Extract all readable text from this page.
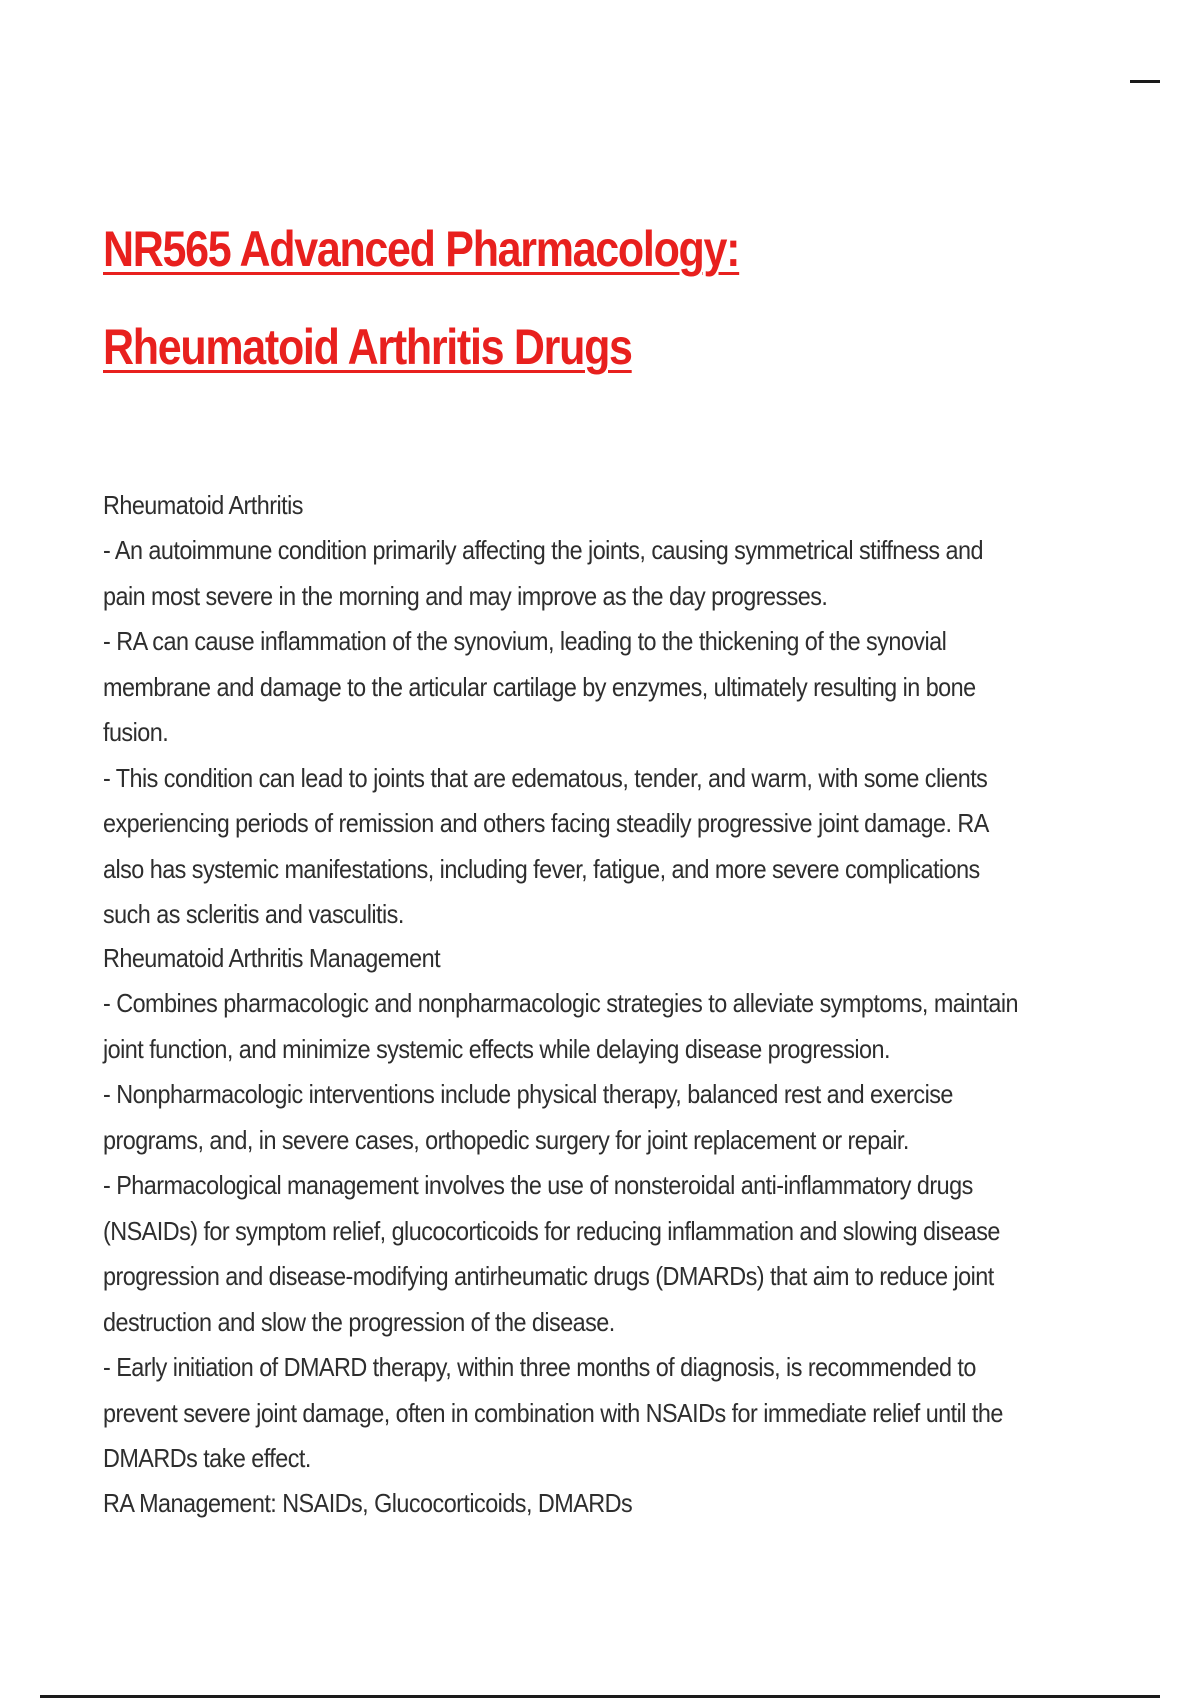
NR565 Advanced Pharmacology: Rheumatoid Arthritis Drugs

Rheumatoid Arthritis

- An autoimmune condition primarily affecting the joints, causing symmetrical stiffness and pain most severe in the morning and may improve as the day progresses.

- RA can cause inflammation of the synovium, leading to the thickening of the synovial membrane and damage to the articular cartilage by enzymes, ultimately resulting in bone fusion.

- This condition can lead to joints that are edematous, tender, and warm, with some clients experiencing periods of remission and others facing steadily progressive joint damage. RA also has systemic manifestations, including fever, fatigue, and more severe complications such as scleritis and vasculitis.

Rheumatoid Arthritis Management

- Combines pharmacologic and nonpharmacologic strategies to alleviate symptoms, maintain joint function, and minimize systemic effects while delaying disease progression.

- Nonpharmacologic interventions include physical therapy, balanced rest and exercise programs, and, in severe cases, orthopedic surgery for joint replacement or repair.

- Pharmacological management involves the use of nonsteroidal anti-inflammatory drugs (NSAIDs) for symptom relief, glucocorticoids for reducing inflammation and slowing disease progression and disease-modifying antirheumatic drugs (DMARDs) that aim to reduce joint destruction and slow the progression of the disease.

- Early initiation of DMARD therapy, within three months of diagnosis, is recommended to prevent severe joint damage, often in combination with NSAIDs for immediate relief until the DMARDs take effect.

RA Management: NSAIDs, Glucocorticoids, DMARDs
